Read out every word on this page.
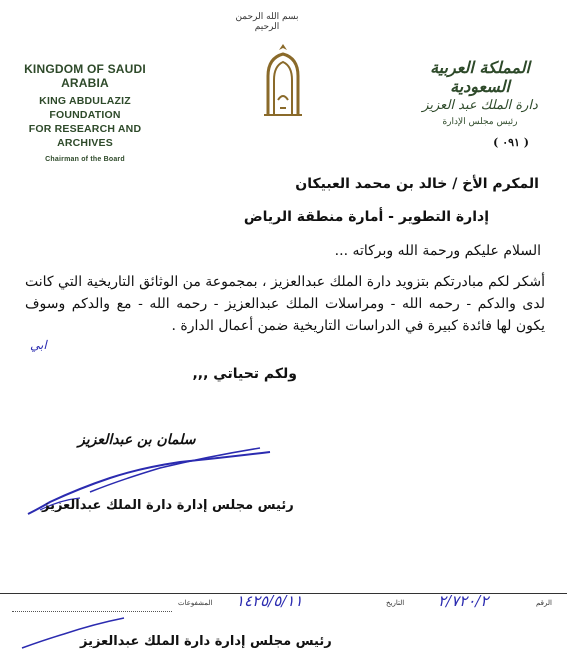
بسم الله الرحمن الرحيم
KINGDOM OF SAUDI ARABIA
KING ABDULAZIZ FOUNDATION
FOR RESEARCH AND ARCHIVES
Chairman of the Board
المملكة العربية السعودية
دارة الملك عبد العزيز
رئيس مجلس الإدارة
( ٠٩١ )
المكرم الأخ / خالد بن محمد العبيكان
إدارة التطوير - أمارة منطقة الرياض
السلام عليكم ورحمة الله وبركاته ...
أشكر لكم مبادرتكم بتزويد دارة الملك عبدالعزيز ، بمجموعة من الوثائق التاريخية التي كانت لدى والدكم - رحمه الله - ومراسلات الملك عبدالعزيز - رحمه الله - مع والدكم وسوف يكون لها فائدة كبيرة في الدراسات التاريخية ضمن أعمال الدارة .
ابي
ولكم تحياتي ,,,
سلمان بن عبدالعزيز
رئيس مجلس إدارة دارة الملك عبدالعزيز
الرقم
٢/٧٢٠/٢
التاريخ
١٤٢٥/٥/١١
المشفوعات
رئيس مجلس إدارة دارة الملك عبدالعزيز
